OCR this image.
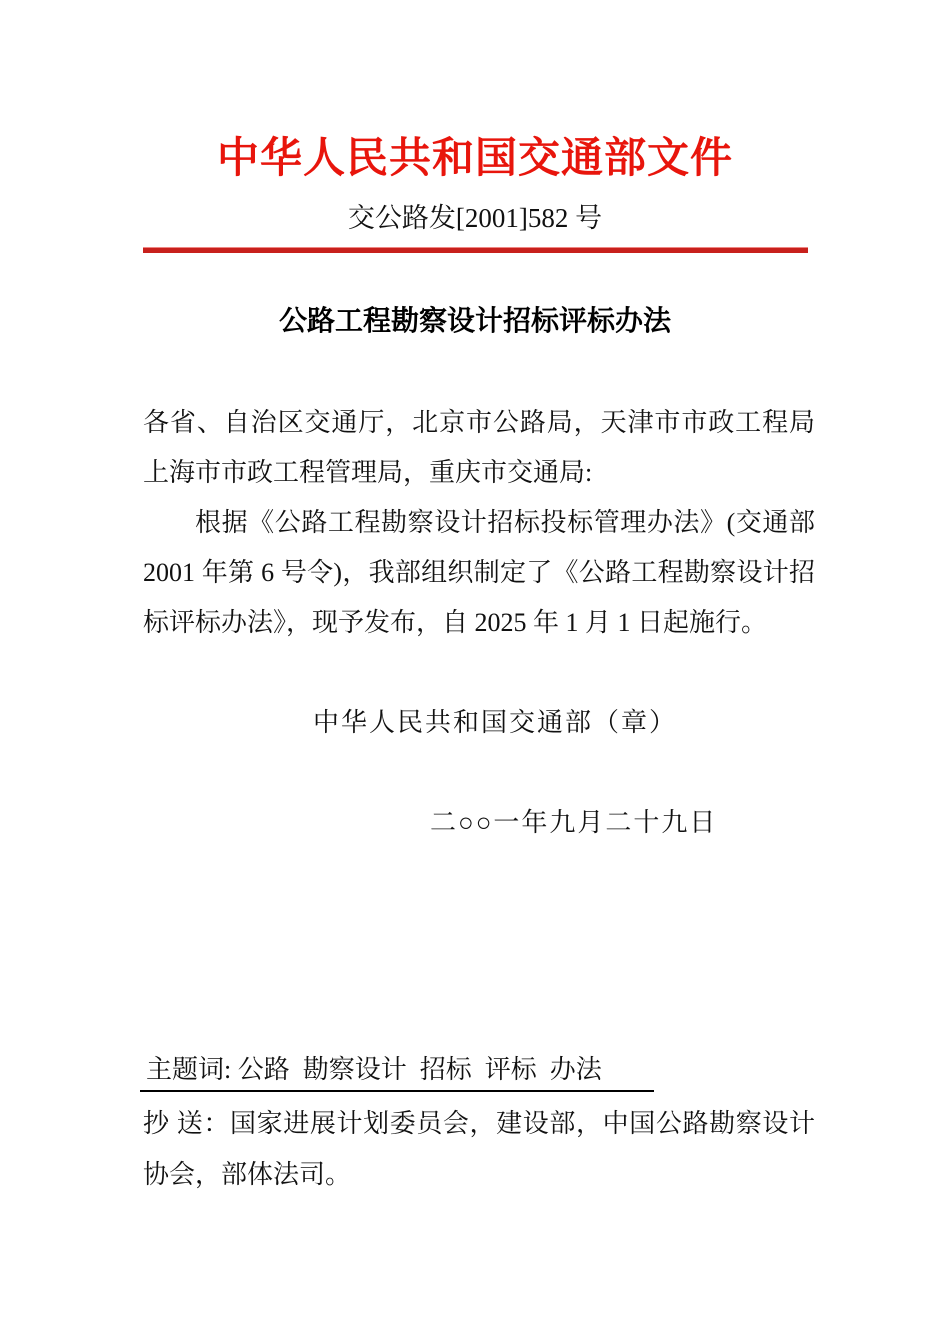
中华人民共和国交通部文件
交公路发[2001]582 号
公路工程勘察设计招标评标办法
各省、自治区交通厅，北京市公路局，天津市市政工程局
上海市市政工程管理局，重庆市交通局:
根据《公路工程勘察设计招标投标管理办法》(交通部
2001 年第 6 号令)，我部组织制定了《公路工程勘察设计招
标评标办法》，现予发布，自 2025 年 1 月 1 日起施行。
中华人民共和国交通部（章）
二○○一年九月二十九日
主题词: 公路  勘察设计  招标  评标  办法
抄 送：国家进展计划委员会，建设部，中国公路勘察设计
协会，部体法司。
